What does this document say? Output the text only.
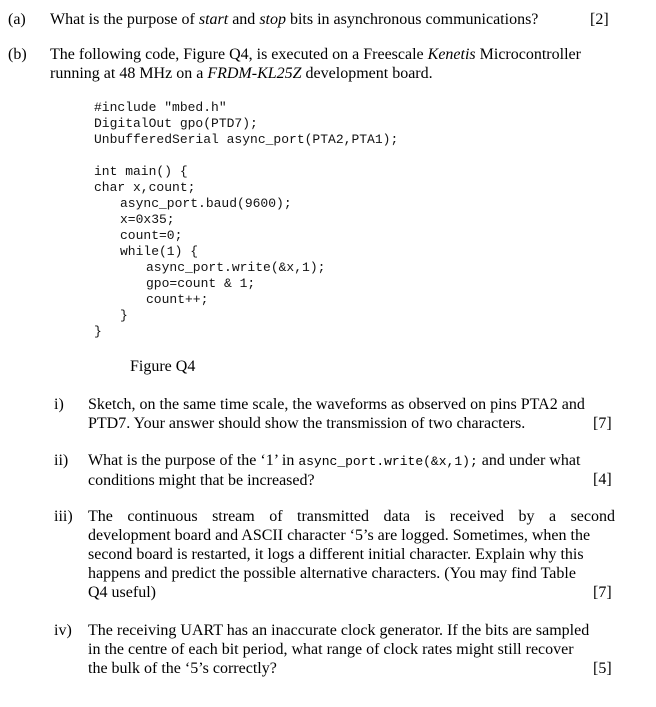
(a) What is the purpose of start and stop bits in asynchronous communications?	[2]
(b) The following code, Figure Q4, is executed on a Freescale Kenetis Microcontroller
running at 48 MHz on a FRDM-KL25Z development board.
#include "mbed.h"
DigitalOut gpo(PTD7);
UnbufferedSerial async_port(PTA2,PTA1);
int main() {
char x,count;
async_port.baud(9600);
x=0x35;
count=0;
while(1) {
async_port.write(&x,1);
gpo=count & 1;
count++;
}
}
Figure Q4
i) Sketch, on the same time scale, the waveforms as observed on pins PTA2 and
PTD7. Your answer should show the transmission of two characters.	[7]
ii) What is the purpose of the ‘1’ in async_port.write(&x,1); and under what
conditions might that be increased?	[4]
iii) The continuous stream of transmitted data is received by a second
development board and ASCII character ‘5’s are logged. Sometimes, when the
second board is restarted, it logs a different initial character. Explain why this
happens and predict the possible alternative characters. (You may find Table
Q4 useful)	[7]
iv) The receiving UART has an inaccurate clock generator. If the bits are sampled
in the centre of each bit period, what range of clock rates might still recover
the bulk of the ‘5’s correctly?	[5]
